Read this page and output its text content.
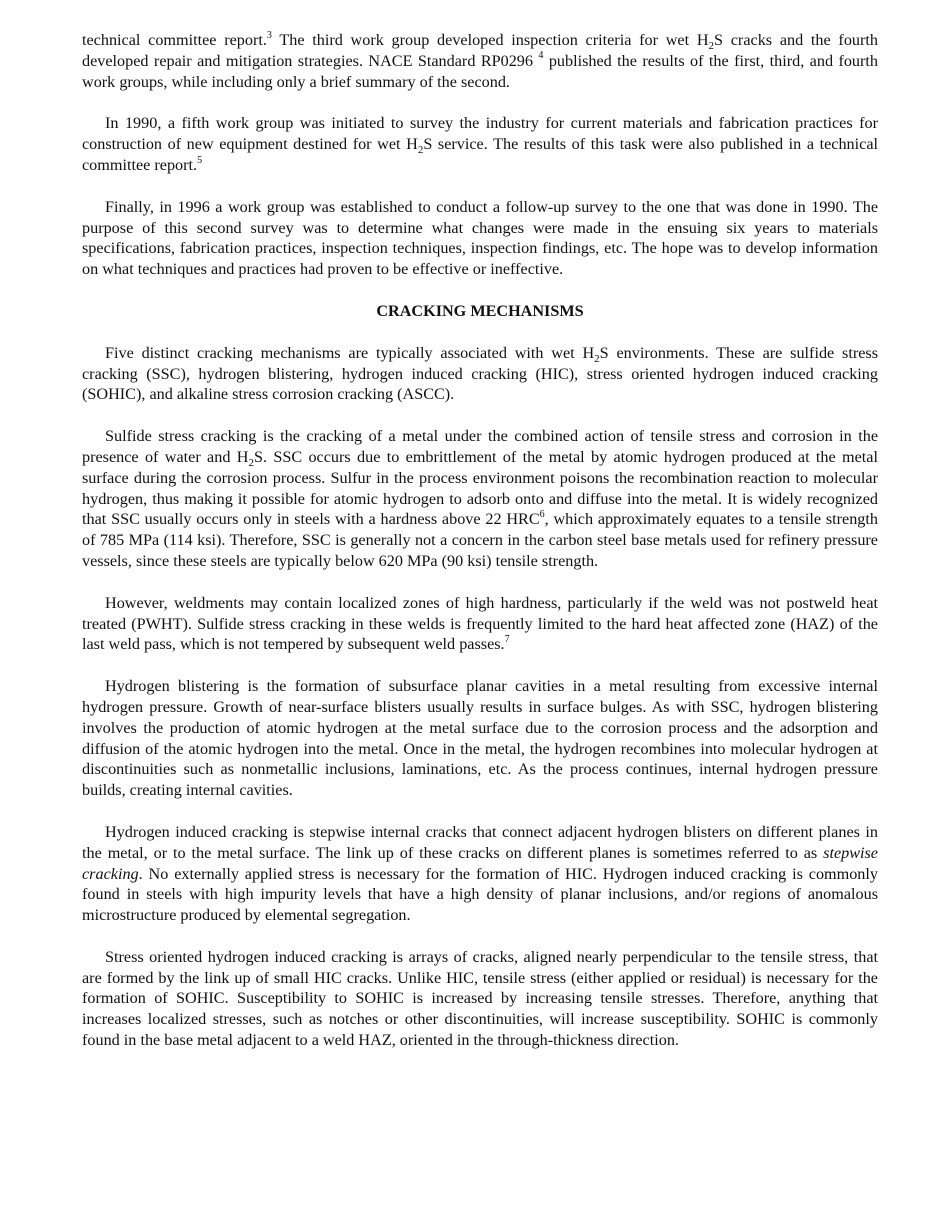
technical committee report.$^3$ The third work group developed inspection criteria for wet $H_2S$ cracks and the fourth developed repair and mitigation strategies. NACE Standard RP0296 $^4$ published the results of the first, third, and fourth work groups, while including only a brief summary of the second.

In 1990, a fifth work group was initiated to survey the industry for current materials and fabrication practices for construction of new equipment destined for wet $H_2S$ service. The results of this task were also published in a technical committee report.$^5$

Finally, in 1996 a work group was established to conduct a follow-up survey to the one that was done in 1990. The purpose of this second survey was to determine what changes were made in the ensuing six years to materials specifications, fabrication practices, inspection techniques, inspection findings, etc. The hope was to develop information on what techniques and practices had proven to be effective or ineffective.

CRACKING MECHANISMS

Five distinct cracking mechanisms are typically associated with wet $H_2S$ environments. These are sulfide stress cracking (SSC), hydrogen blistering, hydrogen induced cracking (HIC), stress oriented hydrogen induced cracking (SOHIC), and alkaline stress corrosion cracking (ASCC).

Sulfide stress cracking is the cracking of a metal under the combined action of tensile stress and corrosion in the presence of water and $H_2S$. SSC occurs due to embrittlement of the metal by atomic hydrogen produced at the metal surface during the corrosion process. Sulfur in the process environment poisons the recombination reaction to molecular hydrogen, thus making it possible for atomic hydrogen to adsorb onto and diffuse into the metal. It is widely recognized that SSC usually occurs only in steels with a hardness above 22 HRC$^6$, which approximately equates to a tensile strength of 785 MPa (114 ksi). Therefore, SSC is generally not a concern in the carbon steel base metals used for refinery pressure vessels, since these steels are typically below 620 MPa (90 ksi) tensile strength.

However, weldments may contain localized zones of high hardness, particularly if the weld was not postweld heat treated (PWHT). Sulfide stress cracking in these welds is frequently limited to the hard heat affected zone (HAZ) of the last weld pass, which is not tempered by subsequent weld passes.$^7$

Hydrogen blistering is the formation of subsurface planar cavities in a metal resulting from excessive internal hydrogen pressure. Growth of near-surface blisters usually results in surface bulges. As with SSC, hydrogen blistering involves the production of atomic hydrogen at the metal surface due to the corrosion process and the adsorption and diffusion of the atomic hydrogen into the metal. Once in the metal, the hydrogen recombines into molecular hydrogen at discontinuities such as nonmetallic inclusions, laminations, etc. As the process continues, internal hydrogen pressure builds, creating internal cavities.

Hydrogen induced cracking is stepwise internal cracks that connect adjacent hydrogen blisters on different planes in the metal, or to the metal surface. The link up of these cracks on different planes is sometimes referred to as stepwise cracking. No externally applied stress is necessary for the formation of HIC. Hydrogen induced cracking is commonly found in steels with high impurity levels that have a high density of planar inclusions, and/or regions of anomalous microstructure produced by elemental segregation.

Stress oriented hydrogen induced cracking is arrays of cracks, aligned nearly perpendicular to the tensile stress, that are formed by the link up of small HIC cracks. Unlike HIC, tensile stress (either applied or residual) is necessary for the formation of SOHIC. Susceptibility to SOHIC is increased by increasing tensile stresses. Therefore, anything that increases localized stresses, such as notches or other discontinuities, will increase susceptibility. SOHIC is commonly found in the base metal adjacent to a weld HAZ, oriented in the through-thickness direction.
